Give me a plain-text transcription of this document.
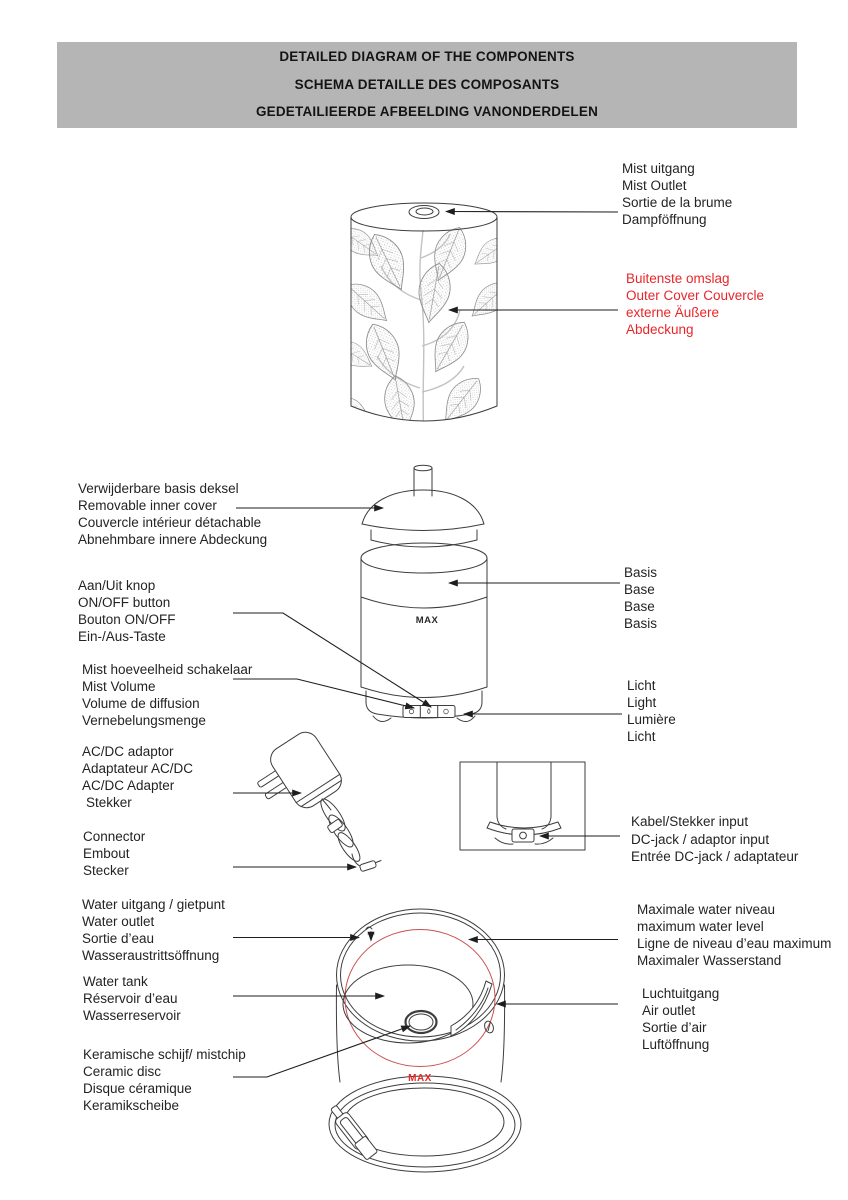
DETAILED DIAGRAM OF THE COMPONENTS
SCHEMA DETAILLE DES COMPOSANTS
GEDETAILIEERDE AFBEELDING VANONDERDELEN
MAX
MAX
Mist uitgang
Mist Outlet
Sortie de la brume
Dampföffnung
Buitenste omslag
Outer Cover Couvercle
externe Äußere
Abdeckung
Verwijderbare basis deksel
Removable inner cover
Couvercle intérieur détachable
Abnehmbare innere Abdeckung
Aan/Uit knop
ON/OFF button
Bouton ON/OFF
Ein-/Aus-Taste
Mist hoeveelheid schakelaar
Mist Volume
Volume de diffusion
Vernebelungsmenge
AC/DC adaptor
Adaptateur AC/DC
AC/DC Adapter
Stekker
Connector
Embout
Stecker
Water uitgang / gietpunt
Water outlet
Sortie d’eau
Wasseraustrittsöffnung
Water tank
Réservoir d’eau
Wasserreservoir
Keramische schijf/ mistchip
Ceramic disc
Disque céramique
Keramikscheibe
Basis
Base
Base
Basis
Licht
Light
Lumière
Licht
Kabel/Stekker input
DC-jack / adaptor input
Entrée DC-jack / adaptateur
Maximale water niveau
maximum water level
Ligne de niveau d’eau maximum
Maximaler Wasserstand
Luchtuitgang
Air outlet
Sortie d’air
Luftöffnung
